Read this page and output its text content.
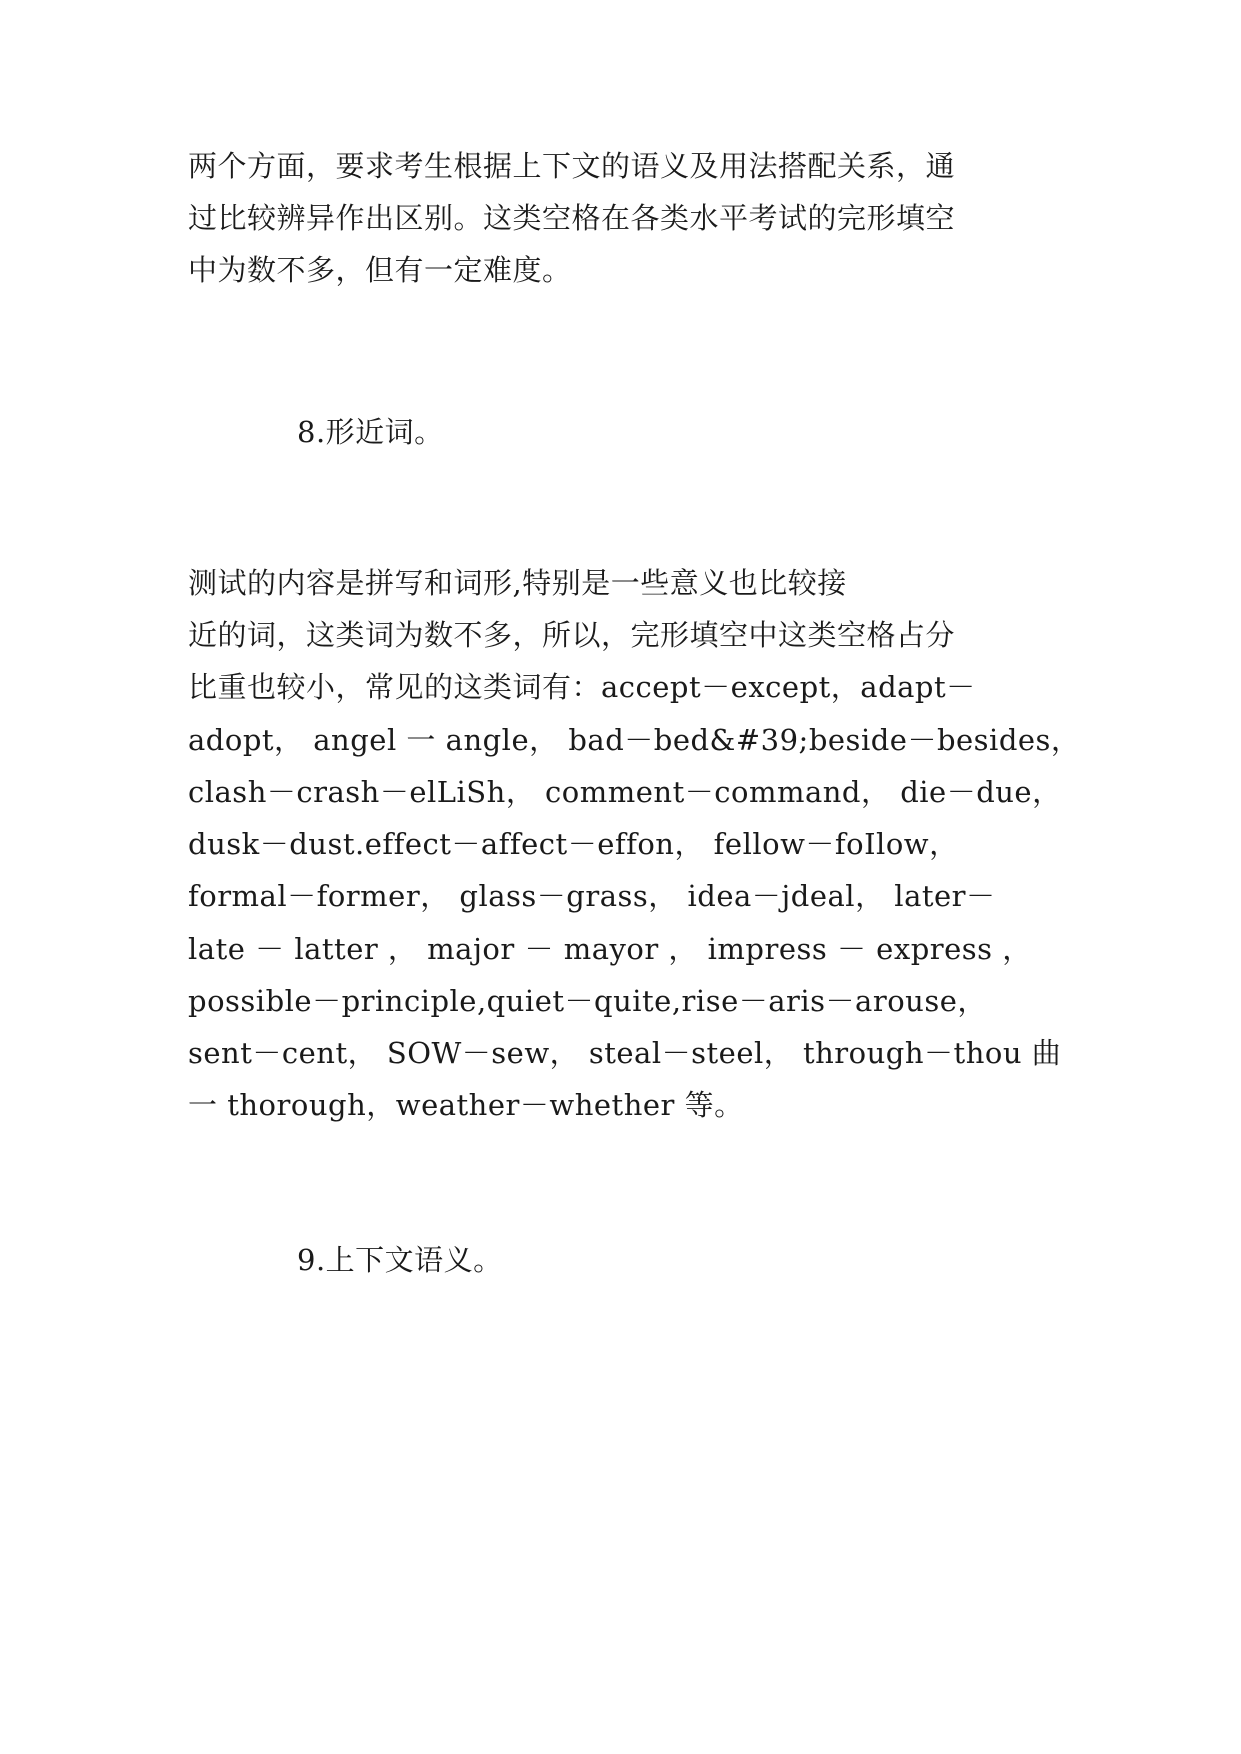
两个方面，要求考生根据上下文的语义及用法搭配关系，通
过比较辨异作出区别。这类空格在各类水平考试的完形填空
中为数不多，但有一定难度。
8.形近词。
测试的内容是拼写和词形,特别是一些意义也比较接
近的词，这类词为数不多，所以，完形填空中这类空格占分
比重也较小，常见的这类词有：accept－except，adapt－
adopt， angel 一 angle， bad－bed&#39;beside－besides，
clash－crash－elLiSh， comment－command， die－due，
dusk－dust.effect－affect－effon， fellow－foIlow，
formal－former， glass－grass， idea－jdeal， later－
late － latter ， major － mayor ， impress － express ，
possible－principle,quiet－quite,rise－aris－arouse，
sent－cent， SOW－sew， steal－steel， through－thou 曲
一 thorough，weather－whether 等。
9.上下文语义。
